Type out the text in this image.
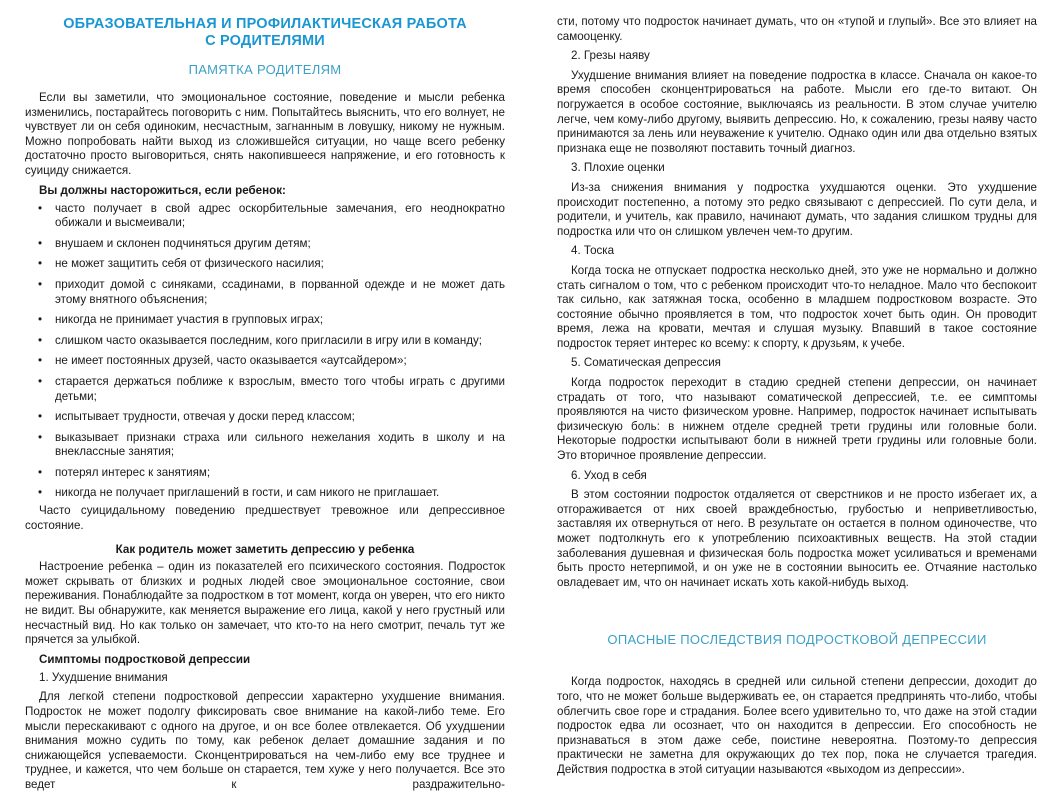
ОБРАЗОВАТЕЛЬНАЯ И ПРОФИЛАКТИЧЕСКАЯ РАБОТА

С РОДИТЕЛЯМИ

ПАМЯТКА РОДИТЕЛЯМ

Если вы заметили, что эмоциональное состояние, поведение и мысли ребенка изменились, постарайтесь поговорить с ним. Попытайтесь выяснить, что его волнует, не чувствует ли он себя одиноким, несчастным, загнанным в ловушку, никому не нужным. Можно попробовать найти выход из сложившейся ситуации, но чаще всего ребенку достаточно просто выговориться, снять накопившееся напряжение, и его готовность к суициду снижается.

Вы должны насторожиться, если ребенок:

• часто получает в свой адрес оскорбительные замечания, его неоднократно обижали и высмеивали;
• внушаем и склонен подчиняться другим детям;
• не может защитить себя от физического насилия;
• приходит домой с синяками, ссадинами, в порванной одежде и не может дать этому внятного объяснения;
• никогда не принимает участия в групповых играх;
• слишком часто оказывается последним, кого пригласили в игру или в команду;
• не имеет постоянных друзей, часто оказывается «аутсайдером»;
• старается держаться поближе к взрослым, вместо того чтобы играть с другими детьми;
• испытывает трудности, отвечая у доски перед классом;
• выказывает признаки страха или сильного нежелания ходить в школу и на внеклассные занятия;
• потерял интерес к занятиям;
• никогда не получает приглашений в гости, и сам никого не приглашает.

Часто суицидальному поведению предшествует тревожное или депрессивное состояние.

Как родитель может заметить депрессию у ребенка

Настроение ребенка – один из показателей его психического состояния. Подросток может скрывать от близких и родных людей свое эмоциональное состояние, свои переживания. Понаблюдайте за подростком в тот момент, когда он уверен, что его никто не видит. Вы обнаружите, как меняется выражение его лица, какой у него грустный или несчастный вид. Но как только он замечает, что кто-то на него смотрит, печаль тут же прячется за улыбкой.

Симптомы подростковой депрессии

1. Ухудшение внимания

Для легкой степени подростковой депрессии характерно ухудшение внимания. Подросток не может подолгу фиксировать свое внимание на какой-либо теме. Его мысли перескакивают с одного на другое, и он все более отвлекается. Об ухудшении внимания можно судить по тому, как ребенок делает домашние задания и по снижающейся успеваемости. Сконцентрироваться на чем-либо ему все труднее и труднее, и кажется, что чем больше он старается, тем хуже у него получается. Все это ведет к раздражительно-

сти, потому что подросток начинает думать, что он «тупой и глупый». Все это влияет на самооценку.

2. Грезы наяву

Ухудшение внимания влияет на поведение подростка в классе. Сначала он какое-то время способен сконцентрироваться на работе. Мысли его где-то витают. Он погружается в особое состояние, выключаясь из реальности. В этом случае учителю легче, чем кому-либо другому, выявить депрессию. Но, к сожалению, грезы наяву часто принимаются за лень или неуважение к учителю. Однако один или два отдельно взятых признака еще не позволяют поставить точный диагноз.

3. Плохие оценки

Из-за снижения внимания у подростка ухудшаются оценки. Это ухудшение происходит постепенно, а потому это редко связывают с депрессией. По сути дела, и родители, и учитель, как правило, начинают думать, что задания слишком трудны для подростка или что он слишком увлечен чем-то другим.

4. Тоска

Когда тоска не отпускает подростка несколько дней, это уже не нормально и должно стать сигналом о том, что с ребенком происходит что-то неладное. Мало что беспокоит так сильно, как затяжная тоска, особенно в младшем подростковом возрасте. Это состояние обычно проявляется в том, что подросток хочет быть один. Он проводит время, лежа на кровати, мечтая и слушая музыку. Впавший в такое состояние подросток теряет интерес ко всему: к спорту, к друзьям, к учебе.

5. Соматическая депрессия

Когда подросток переходит в стадию средней степени депрессии, он начинает страдать от того, что называют соматической депрессией, т.е. ее симптомы проявляются на чисто физическом уровне. Например, подросток начинает испытывать физическую боль: в нижнем отделе средней трети грудины или головные боли. Некоторые подростки испытывают боли в нижней трети грудины или головные боли. Это вторичное проявление депрессии.

6. Уход в себя

В этом состоянии подросток отдаляется от сверстников и не просто избегает их, а отгораживается от них своей враждебностью, грубостью и неприветливостью, заставляя их отвернуться от него. В результате он остается в полном одиночестве, что может подтолкнуть его к употреблению психоактивных веществ. На этой стадии заболевания душевная и физическая боль подростка может усиливаться и временами быть просто нетерпимой, и он уже не в состоянии выносить ее. Отчаяние настолько овладевает им, что он начинает искать хоть какой-нибудь выход.

ОПАСНЫЕ ПОСЛЕДСТВИЯ ПОДРОСТКОВОЙ ДЕПРЕССИИ

Когда подросток, находясь в средней или сильной степени депрессии, доходит до того, что не может больше выдерживать ее, он старается предпринять что-либо, чтобы облегчить свое горе и страдания. Более всего удивительно то, что даже на этой стадии подросток едва ли осознает, что он находится в депрессии. Его способность не признаваться в этом даже себе, поистине невероятна. Поэтому-то депрессия практически не заметна для окружающих до тех пор, пока не случается трагедия. Действия подростка в этой ситуации называются «выходом из депрессии».
